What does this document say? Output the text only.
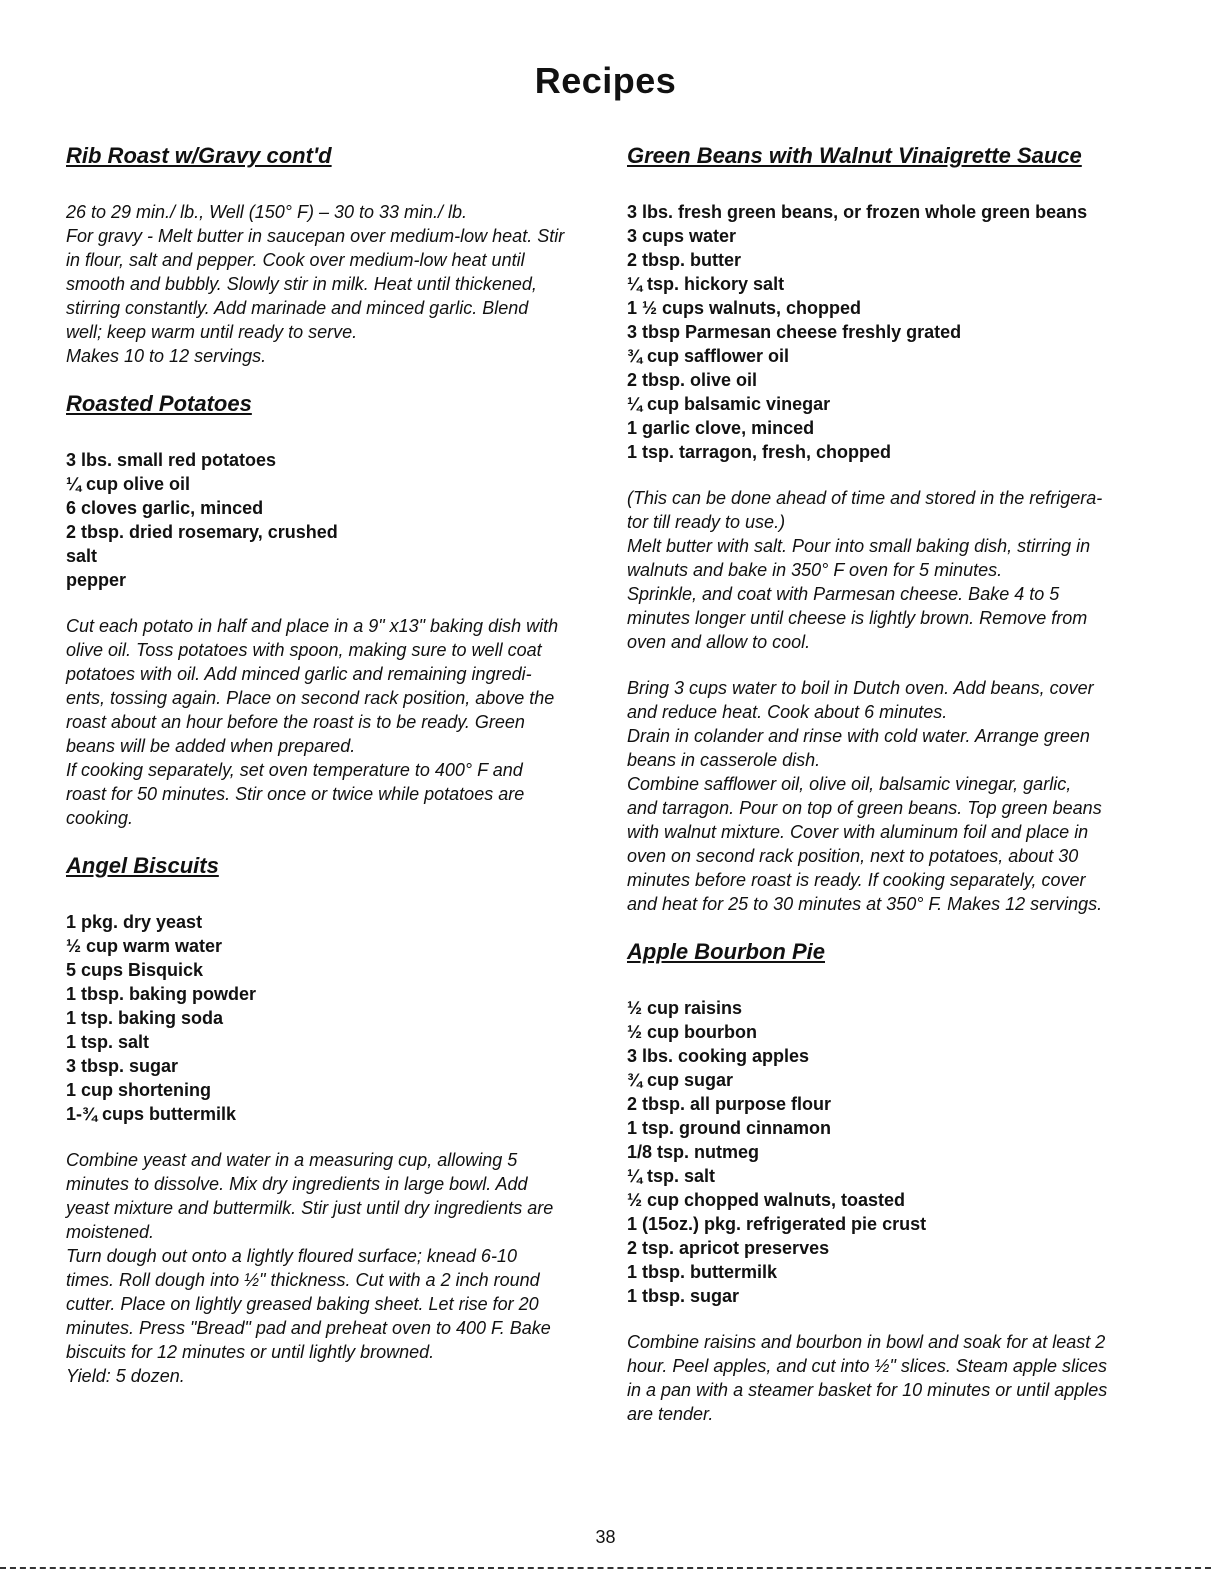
Recipes
Rib Roast w/Gravy cont'd
26 to 29 min./ lb., Well (150° F) – 30 to 33 min./ lb.
For gravy - Melt butter in saucepan over medium-low heat. Stir
in flour, salt and pepper. Cook over medium-low heat until
smooth and bubbly. Slowly stir in milk. Heat until thickened,
stirring constantly. Add marinade and minced garlic. Blend
well; keep warm until ready to serve.
Makes 10 to 12 servings.
Roasted Potatoes
3 lbs. small red potatoes
¼ cup olive oil
6 cloves garlic, minced
2 tbsp. dried rosemary, crushed
salt
pepper
Cut each potato in half and place in a 9" x13" baking dish with
olive oil. Toss potatoes with spoon, making sure to well coat
potatoes with oil. Add minced garlic and remaining ingredi-
ents, tossing again. Place on second rack position, above the
roast about an hour before the roast is to be ready. Green
beans will be added when prepared.
If cooking separately, set oven temperature to 400° F and
roast for 50 minutes. Stir once or twice while potatoes are
cooking.
Angel Biscuits
1 pkg. dry yeast
½ cup warm water
5 cups Bisquick
1 tbsp. baking powder
1 tsp. baking soda
1 tsp. salt
3 tbsp. sugar
1 cup shortening
1-¾ cups buttermilk
Combine yeast and water in a measuring cup, allowing 5
minutes to dissolve. Mix dry ingredients in large bowl. Add
yeast mixture and buttermilk. Stir just until dry ingredients are
moistened.
Turn dough out onto a lightly floured surface; knead 6-10
times. Roll dough into ½" thickness. Cut with a 2 inch round
cutter. Place on lightly greased baking sheet. Let rise for 20
minutes. Press "Bread" pad and preheat oven to 400 F. Bake
biscuits for 12 minutes or until lightly browned.
Yield: 5 dozen.
Green Beans with Walnut Vinaigrette Sauce
3 lbs. fresh green beans, or frozen whole green beans
3 cups water
2 tbsp. butter
¼ tsp. hickory salt
1 ½ cups walnuts, chopped
3 tbsp Parmesan cheese freshly grated
¾ cup safflower oil
2 tbsp. olive oil
¼ cup balsamic vinegar
1 garlic clove, minced
1 tsp. tarragon, fresh, chopped
(This can be done ahead of time and stored in the refrigera-
tor till ready to use.)
Melt butter with salt. Pour into small baking dish, stirring in
walnuts and bake in 350° F oven for 5 minutes.
Sprinkle, and coat with Parmesan cheese. Bake 4 to 5
minutes longer until cheese is lightly brown. Remove from
oven and allow to cool.
Bring 3 cups water to boil in Dutch oven. Add beans, cover
and reduce heat. Cook about 6 minutes.
Drain in colander and rinse with cold water. Arrange green
beans in casserole dish.
Combine safflower oil, olive oil, balsamic vinegar, garlic,
and tarragon. Pour on top of green beans. Top green beans
with walnut mixture. Cover with aluminum foil and place in
oven on second rack position, next to potatoes, about 30
minutes before roast is ready. If cooking separately, cover
and heat for 25 to 30 minutes at 350° F. Makes 12 servings.
Apple Bourbon Pie
½ cup raisins
½ cup bourbon
3 lbs. cooking apples
¾ cup sugar
2 tbsp. all purpose flour
1 tsp. ground cinnamon
1/8 tsp. nutmeg
¼ tsp. salt
½ cup chopped walnuts, toasted
1 (15oz.) pkg. refrigerated pie crust
2 tsp. apricot preserves
1 tbsp. buttermilk
1 tbsp. sugar
Combine raisins and bourbon in bowl and soak for at least 2
hour. Peel apples, and cut into ½" slices. Steam apple slices
in a pan with a steamer basket for 10 minutes or until apples
are tender.
38
